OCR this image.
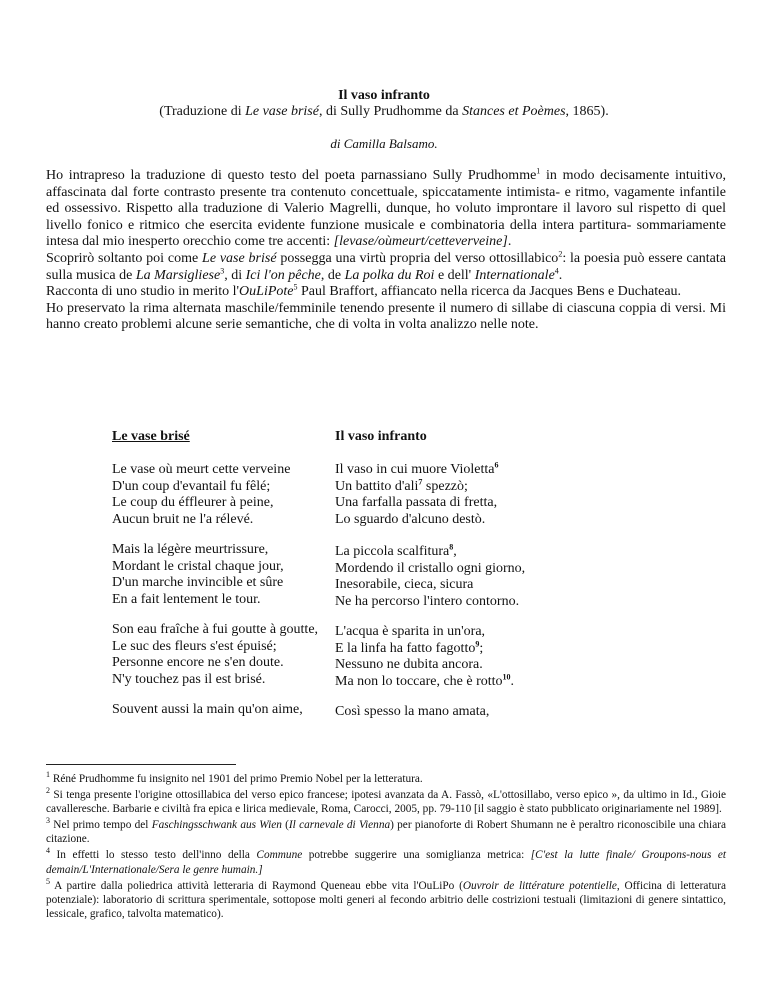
Il vaso infranto
(Traduzione di Le vase brisé, di Sully Prudhomme da Stances et Poèmes, 1865).
di Camilla Balsamo.

Ho intrapreso la traduzione di questo testo del poeta parnassiano Sully Prudhomme$^1$ in modo decisamente intuitivo, affascinata dal forte contrasto presente tra contenuto concettuale, spiccatamente intimista- e ritmo, vagamente infantile ed ossessivo. Rispetto alla traduzione di Valerio Magrelli, dunque, ho voluto improntare il lavoro sul rispetto di quel livello fonico e ritmico che esercita evidente funzione musicale e combinatoria della intera partitura- sommariamente intesa dal mio inesperto orecchio come tre accenti: [levase/oùmeurt/cetteverveine].

Scoprirò soltanto poi come Le vase brisé possegga una virtù propria del verso ottosillabico$^2$: la poesia può essere cantata sulla musica de La Marsigliese$^3$, di Ici l'on pêche, de La polka du Roi e dell' Internationale$^4$.

Racconta di uno studio in merito l'OuLiPote$^5$ Paul Braffort, affiancato nella ricerca da Jacques Bens e Duchateau.

Ho preservato la rima alternata maschile/femminile tenendo presente il numero di sillabe di ciascuna coppia di versi. Mi hanno creato problemi alcune serie semantiche, che di volta in volta analizzo nelle note.

Le vase brisé
Le vase où meurt cette verveine
D'un coup d'evantail fu fêlé;
Le coup du éffleurer à peine,
Aucun bruit ne l'a rélevé.
Mais la légère meurtrissure,
Mordant le cristal chaque jour,
D'un marche invincible et sûre
En a fait lentement le tour.
Son eau fraîche à fui goutte à goutte,
Le suc des fleurs s'est épuisé;
Personne encore ne s'en doute.
N'y touchez pas il est brisé.
Souvent aussi la main qu'on aime,
Il vaso infranto
Il vaso in cui muore Violetta$^6$
Un battito d'ali$^7$ spezzò;
Una farfalla passata di fretta,
Lo sguardo d'alcuno destò.
La piccola scalfitura$^8$,
Mordendo il cristallo ogni giorno,
Inesorabile, cieca, sicura
Ne ha percorso l'intero contorno.
L'acqua è sparita in un'ora,
E la linfa ha fatto fagotto$^9$;
Nessuno ne dubita ancora.
Ma non lo toccare, che è rotto$^{10}$.
Così spesso la mano amata,

$^1$ Réné Prudhomme fu insignito nel 1901 del primo Premio Nobel per la letteratura.

$^2$ Si tenga presente l'origine ottosillabica del verso epico francese; ipotesi avanzata da A. Fassò, «L'ottosillabo, verso epico », da ultimo in Id., Gioie cavalleresche. Barbarie e civiltà fra epica e lirica medievale, Roma, Carocci, 2005, pp. 79-110 [il saggio è stato pubblicato originariamente nel 1989].

$^3$ Nel primo tempo del Faschingsschwank aus Wien (Il carnevale di Vienna) per pianoforte di Robert Shumann ne è peraltro riconoscibile una chiara citazione.

$^4$ In effetti lo stesso testo dell'inno della Commune potrebbe suggerire una somiglianza metrica: [C'est la lutte finale/ Groupons-nous et demain/L'Internationale/Sera le genre humain.]

$^5$ A partire dalla poliedrica attività letteraria di Raymond Queneau ebbe vita l'OuLiPo (Ouvroir de littérature potentielle, Officina di letteratura potenziale): laboratorio di scrittura sperimentale, sottopose molti generi al fecondo arbitrio delle costrizioni testuali (limitazioni di genere sintattico, lessicale, grafico, talvolta matematico).
